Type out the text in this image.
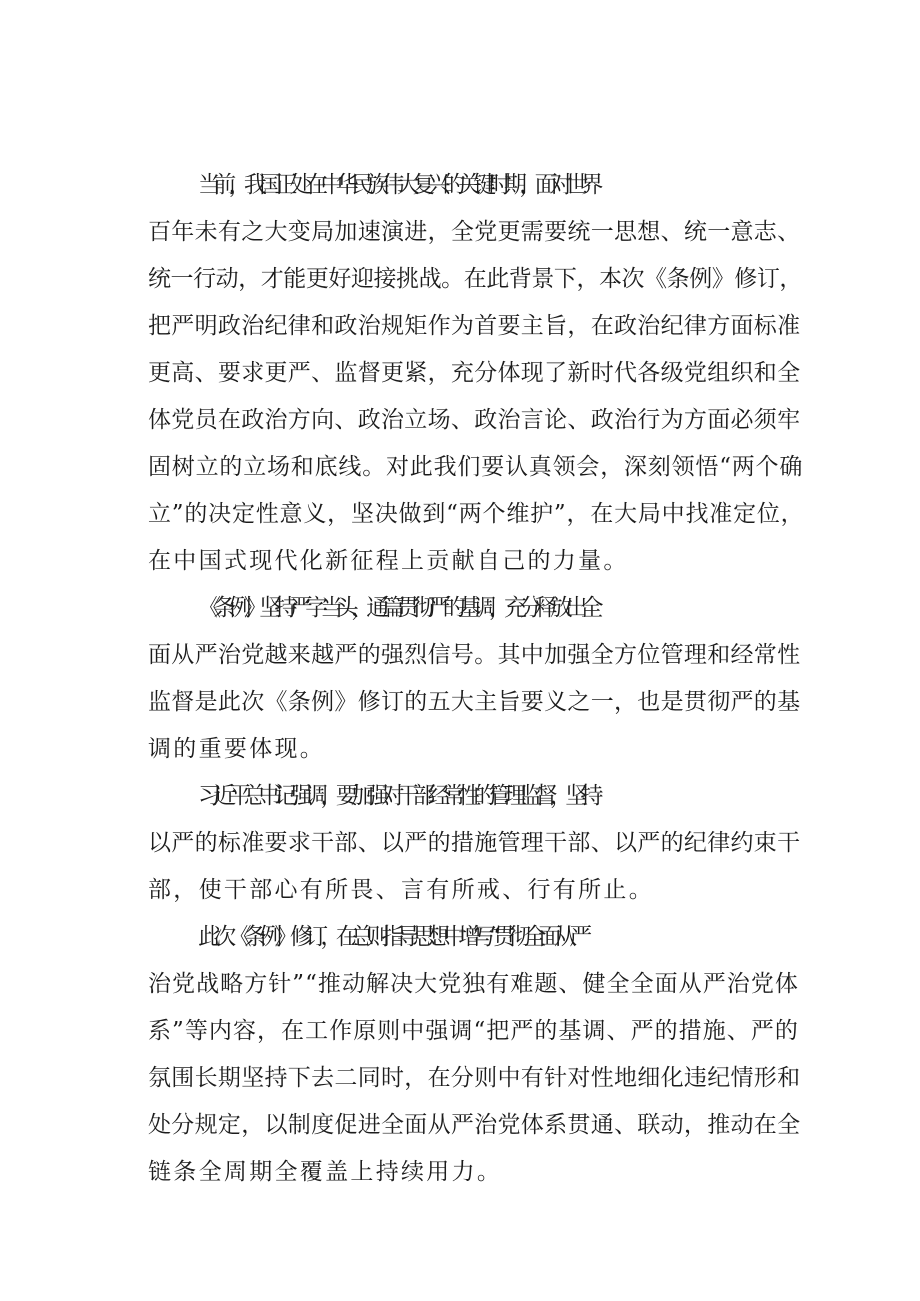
当前，我国正处在中华民族伟大复兴的关键时期，面对世界
百年未有之大变局加速演进，全党更需要统一思想、统一意志、
统一行动，才能更好迎接挑战。在此背景下，本次《条例》修订，
把严明政治纪律和政治规矩作为首要主旨，在政治纪律方面标准
更高、要求更严、监督更紧，充分体现了新时代各级党组织和全
体党员在政治方向、政治立场、政治言论、政治行为方面必须牢
固树立的立场和底线。对此我们要认真领会，深刻领悟“两个确
立”的决定性意义，坚决做到“两个维护”，在大局中找准定位，
在中国式现代化新征程上贡献自己的力量。

《条例》坚持严字当头，通篇贯彻严的基调，充分释放出全
面从严治党越来越严的强烈信号。其中加强全方位管理和经常性
监督是此次《条例》修订的五大主旨要义之一，也是贯彻严的基
调的重要体现。

习近平总书记强调，要加强对干部经常性的管理监督，坚持
以严的标准要求干部、以严的措施管理干部、以严的纪律约束干
部，使干部心有所畏、言有所戒、行有所止。

此次《条例》修订，在总则指导思想中增写“贯彻全面从严
治党战略方针”“推动解决大党独有难题、健全全面从严治党体
系”等内容，在工作原则中强调“把严的基调、严的措施、严的
氛围长期坚持下去二同时，在分则中有针对性地细化违纪情形和
处分规定，以制度促进全面从严治党体系贯通、联动，推动在全
链条全周期全覆盖上持续用力。
